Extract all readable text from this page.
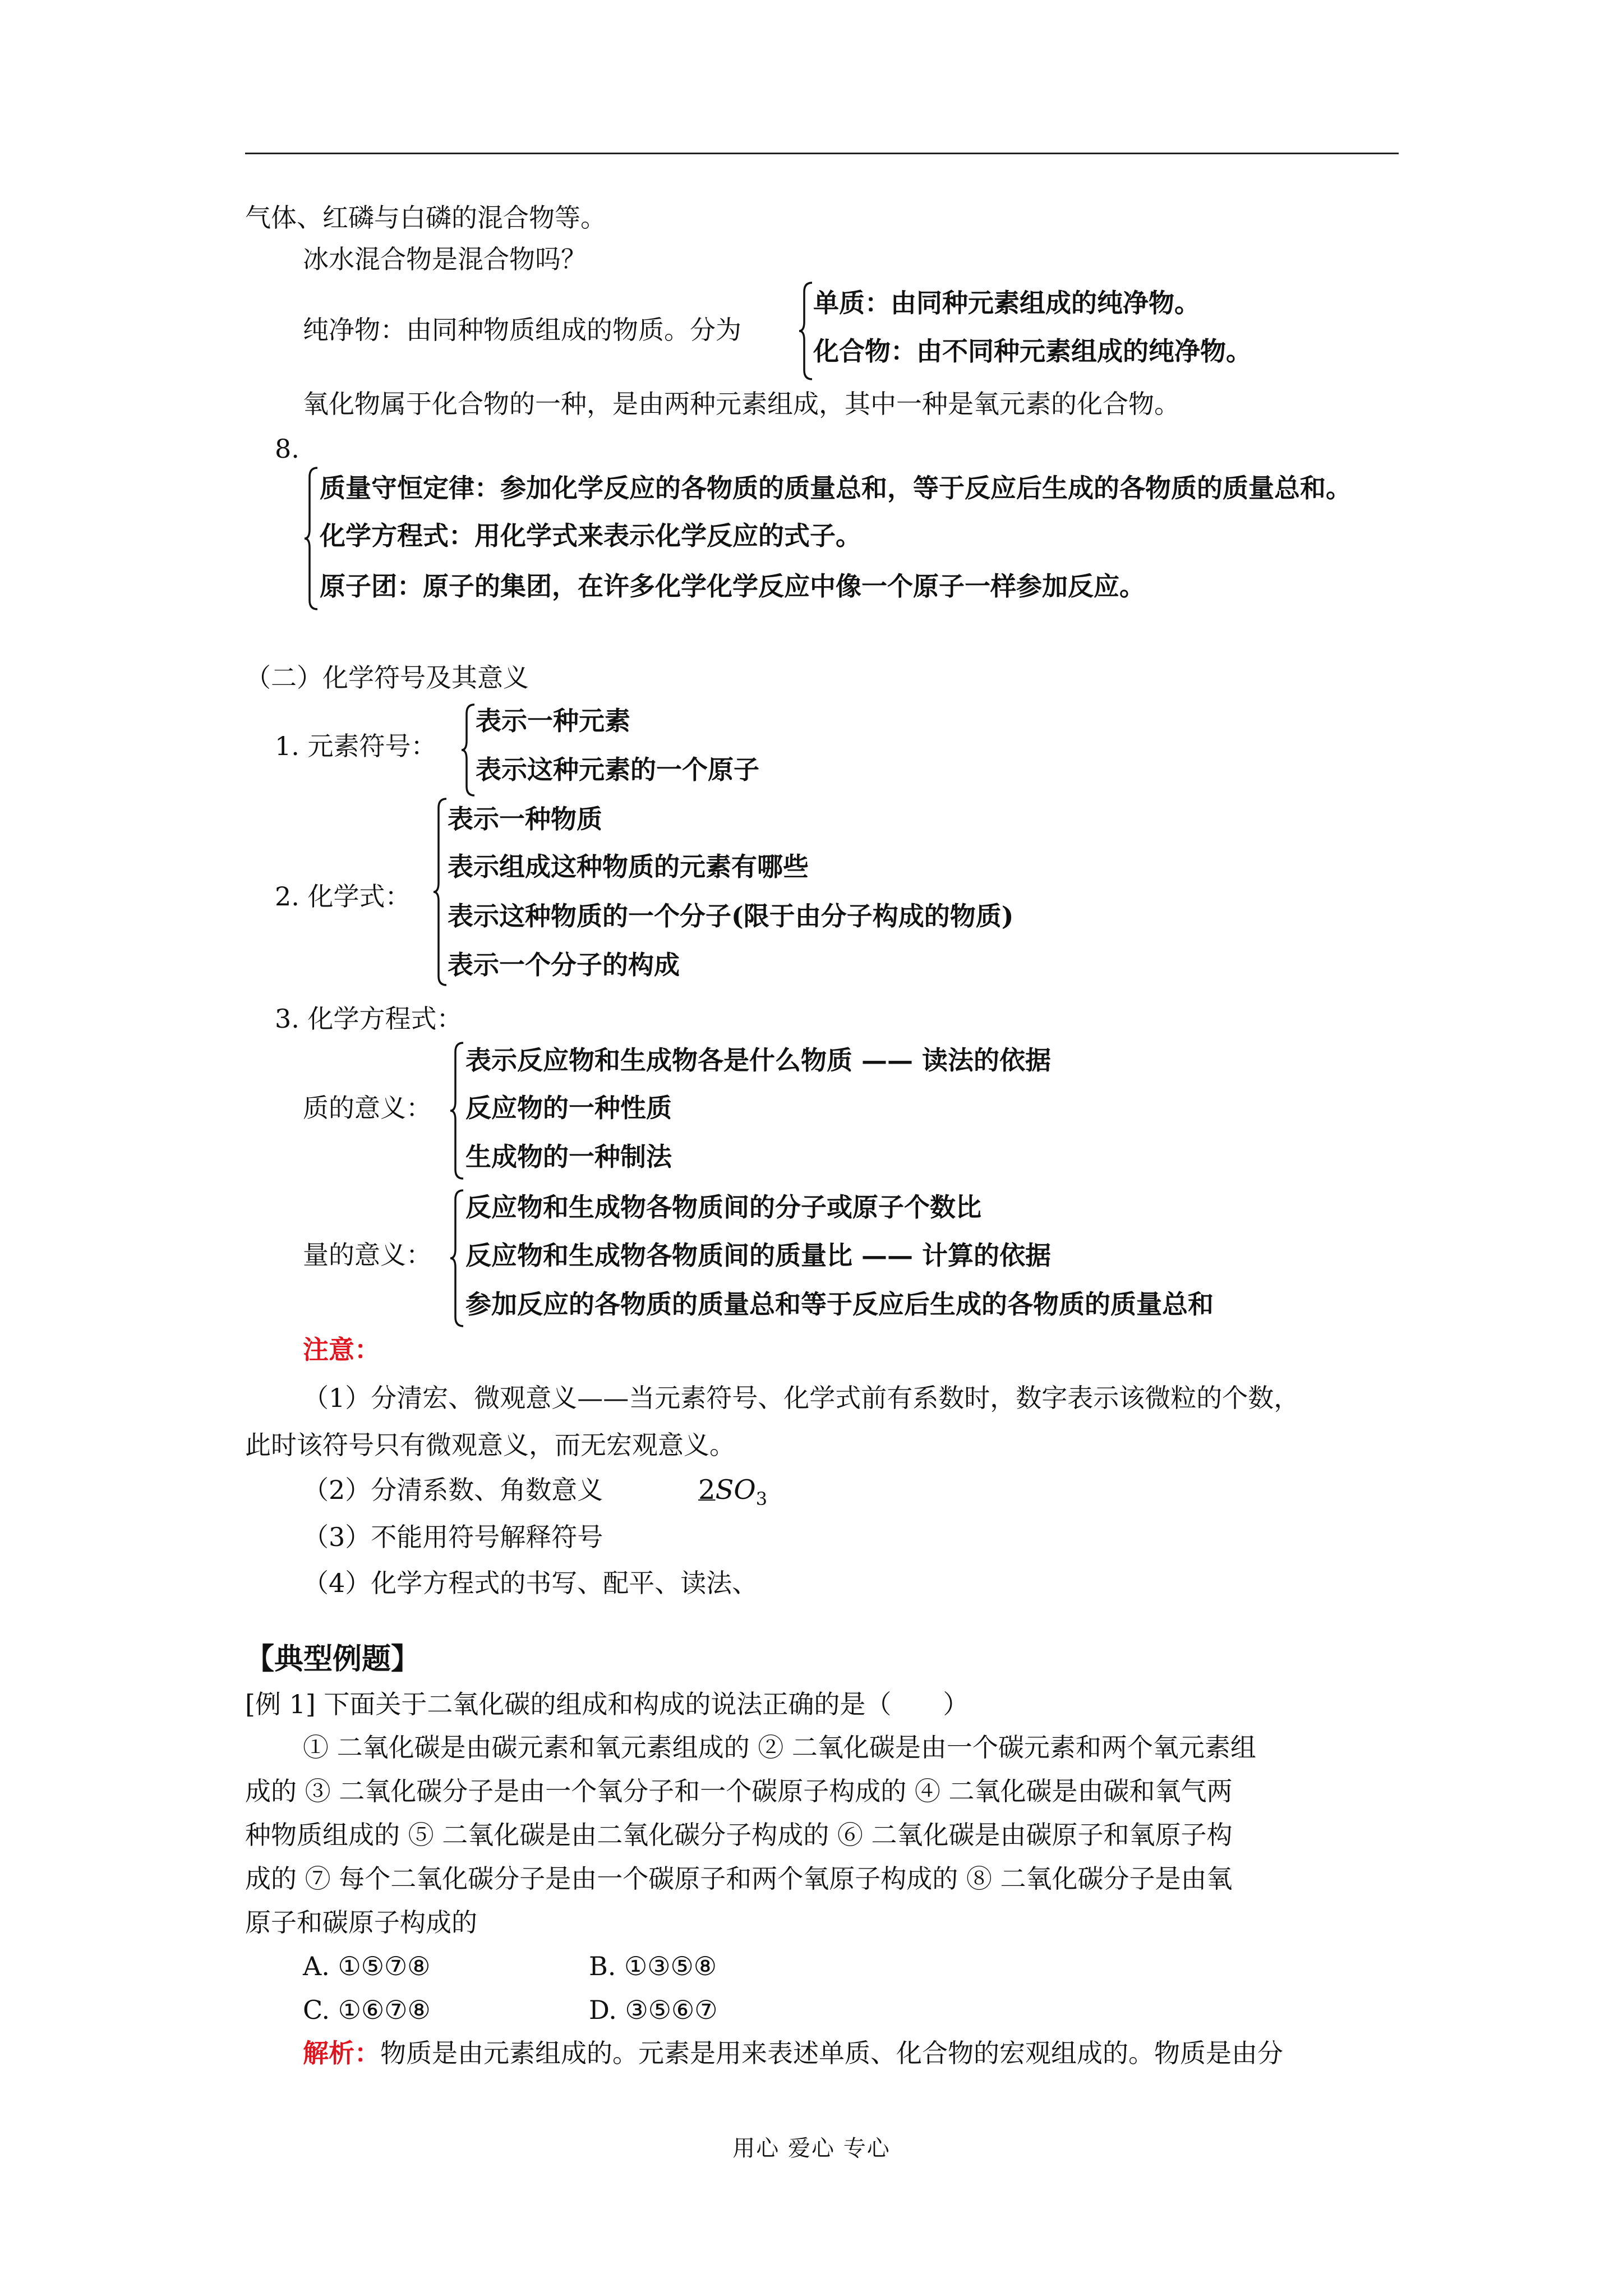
气体、红磷与白磷的混合物等。
冰水混合物是混合物吗？
纯净物：由同种物质组成的物质。分为
单质：由同种元素组成的纯净物。
化合物：由不同种元素组成的纯净物。
氧化物属于化合物的一种，是由两种元素组成，其中一种是氧元素的化合物。
8.
质量守恒定律：参加化学反应的各物质的质量总和，等于反应后生成的各物质的质量总和。
化学方程式：用化学式来表示化学反应的式子。
原子团：原子的集团，在许多化学化学反应中像一个原子一样参加反应。
（二）化学符号及其意义
1. 元素符号：
表示一种元素
表示这种元素的一个原子
2. 化学式：
表示一种物质
表示组成这种物质的元素有哪些
表示这种物质的一个分子(限于由分子构成的物质)
表示一个分子的构成
3. 化学方程式：
质的意义：
表示反应物和生成物各是什么物质 —— 读法的依据
反应物的一种性质
生成物的一种制法
量的意义：
反应物和生成物各物质间的分子或原子个数比
反应物和生成物各物质间的质量比 —— 计算的依据
参加反应的各物质的质量总和等于反应后生成的各物质的质量总和
注意：
（1）分清宏、微观意义——当元素符号、化学式前有系数时，数字表示该微粒的个数，
此时该符号只有微观意义，而无宏观意义。
（2）分清系数、角数意义	$2SO_3$
（3）不能用符号解释符号
（4）化学方程式的书写、配平、读法、
【典型例题】
[例 1] 下面关于二氧化碳的组成和构成的说法正确的是（　　）
① 二氧化碳是由碳元素和氧元素组成的 ② 二氧化碳是由一个碳元素和两个氧元素组
成的 ③ 二氧化碳分子是由一个氧分子和一个碳原子构成的 ④ 二氧化碳是由碳和氧气两
种物质组成的 ⑤ 二氧化碳是由二氧化碳分子构成的 ⑥ 二氧化碳是由碳原子和氧原子构
成的 ⑦ 每个二氧化碳分子是由一个碳原子和两个氧原子构成的 ⑧ 二氧化碳分子是由氧
原子和碳原子构成的
A. ①⑤⑦⑧	B. ①③⑤⑧
C. ①⑥⑦⑧	D. ③⑤⑥⑦
解析：物质是由元素组成的。元素是用来表述单质、化合物的宏观组成的。物质是由分
用心 爱心 专心
